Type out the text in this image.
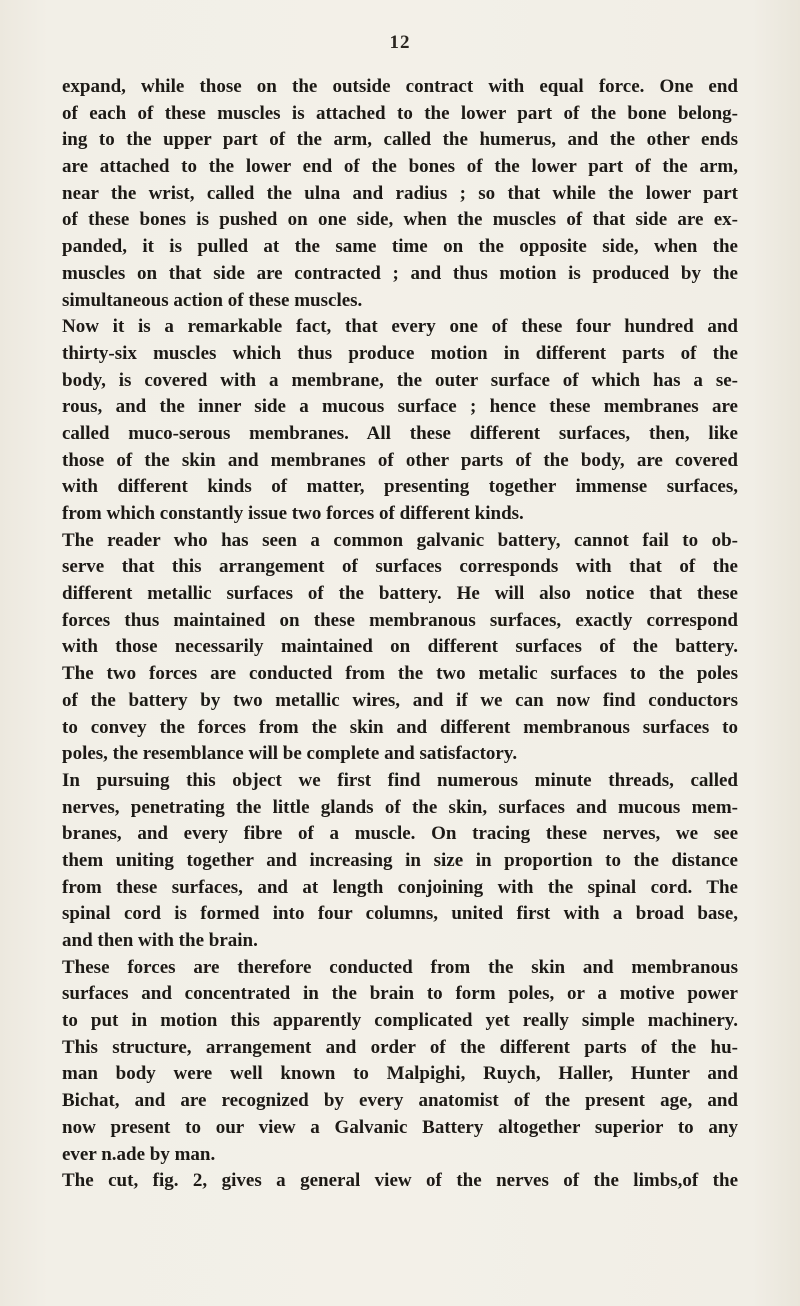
12
expand, while those on the outside contract with equal force. One end
of each of these muscles is attached to the lower part of the bone belong-
ing to the upper part of the arm, called the humerus, and the other ends
are attached to the lower end of the bones of the lower part of the arm,
near the wrist, called the ulna and radius ; so that while the lower part
of these bones is pushed on one side, when the muscles of that side are ex-
panded, it is pulled at the same time on the opposite side, when the
muscles on that side are contracted ; and thus motion is produced by the
simultaneous action of these muscles.
Now it is a remarkable fact, that every one of these four hundred and
thirty-six muscles which thus produce motion in different parts of the
body, is covered with a membrane, the outer surface of which has a se-
rous, and the inner side a mucous surface ; hence these membranes are
called muco-serous membranes. All these different surfaces, then, like
those of the skin and membranes of other parts of the body, are covered
with different kinds of matter, presenting together immense surfaces,
from which constantly issue two forces of different kinds.
The reader who has seen a common galvanic battery, cannot fail to ob-
serve that this arrangement of surfaces corresponds with that of the
different metallic surfaces of the battery. He will also notice that these
forces thus maintained on these membranous surfaces, exactly correspond
with those necessarily maintained on different surfaces of the battery.
The two forces are conducted from the two metalic surfaces to the poles
of the battery by two metallic wires, and if we can now find conductors
to convey the forces from the skin and different membranous surfaces to
poles, the resemblance will be complete and satisfactory.
In pursuing this object we first find numerous minute threads, called
nerves, penetrating the little glands of the skin, surfaces and mucous mem-
branes, and every fibre of a muscle. On tracing these nerves, we see
them uniting together and increasing in size in proportion to the distance
from these surfaces, and at length conjoining with the spinal cord. The
spinal cord is formed into four columns, united first with a broad base,
and then with the brain.
These forces are therefore conducted from the skin and membranous
surfaces and concentrated in the brain to form poles, or a motive power
to put in motion this apparently complicated yet really simple machinery.
This structure, arrangement and order of the different parts of the hu-
man body were well known to Malpighi, Ruych, Haller, Hunter and
Bichat, and are recognized by every anatomist of the present age, and
now present to our view a Galvanic Battery altogether superior to any
ever n.ade by man.
The cut, fig. 2, gives a general view of the nerves of the limbs,of the
